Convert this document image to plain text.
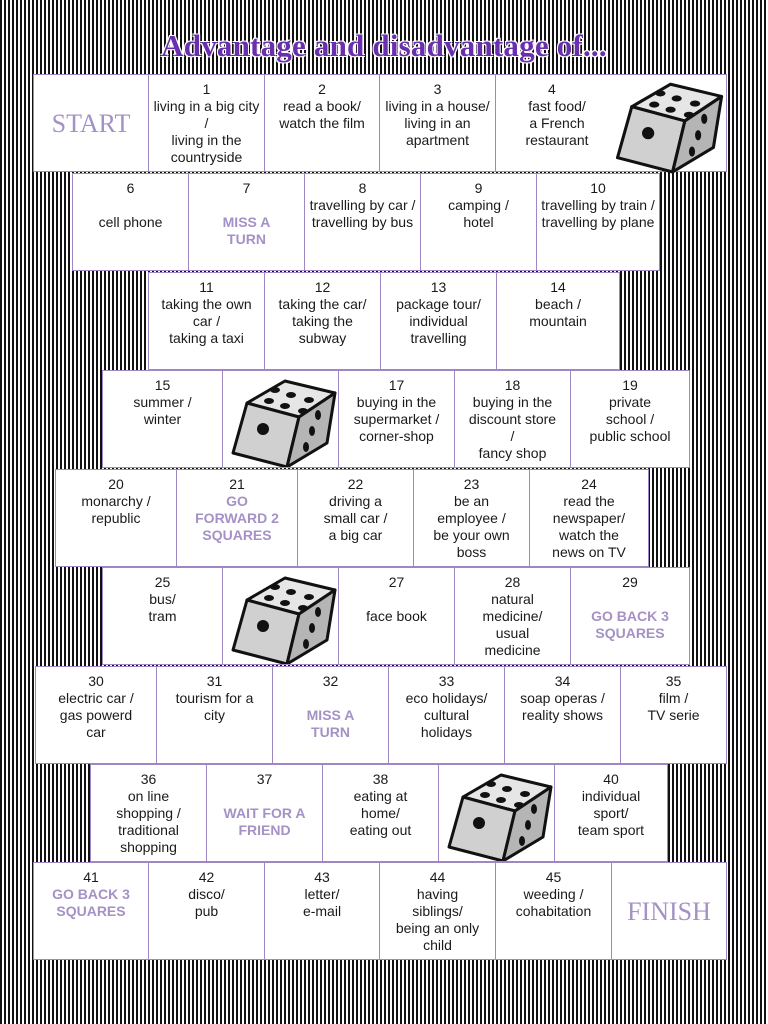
Advantage and disadvantage of...
START
1
living in a big city /
living in the countryside
2
read a book/
watch the film
3
living in a house/
living in an apartment
4
fast food/
a French restaurant
6
cell phone
7
MISS A
TURN
8
travelling by car / travelling by bus
9
camping /
hotel
10
travelling by train / travelling by plane
11
taking the own car /
taking a taxi
12
taking the car/ taking the subway
13
package tour/ individual travelling
14
beach /
mountain
15
summer /
winter
17
buying in the supermarket / corner-shop
18
buying in the discount store
/
fancy shop
19
private
school /
public school
20
monarchy /
republic
21
GO
FORWARD 2
SQUARES
22
driving a
small car /
a big car
23
be an
employee /
be your own
boss
24
read the
newspaper/
watch the
news on TV
25
bus/
tram
27
face book
28
natural
medicine/
usual
medicine
29
GO BACK 3
SQUARES
30
electric car /
gas powerd
car
31
tourism for a
city
32
MISS A
TURN
33
eco holidays/
cultural
holidays
34
soap operas /
reality shows
35
film /
TV serie
36
on line
shopping /
traditional
shopping
37
WAIT FOR A
FRIEND
38
eating at
home/
eating out
40
individual
sport/
team sport
41
GO BACK 3
SQUARES
42
disco/
pub
43
letter/
e-mail
44
having
siblings/
being an only
child
45
weeding /
cohabitation	FINISH
